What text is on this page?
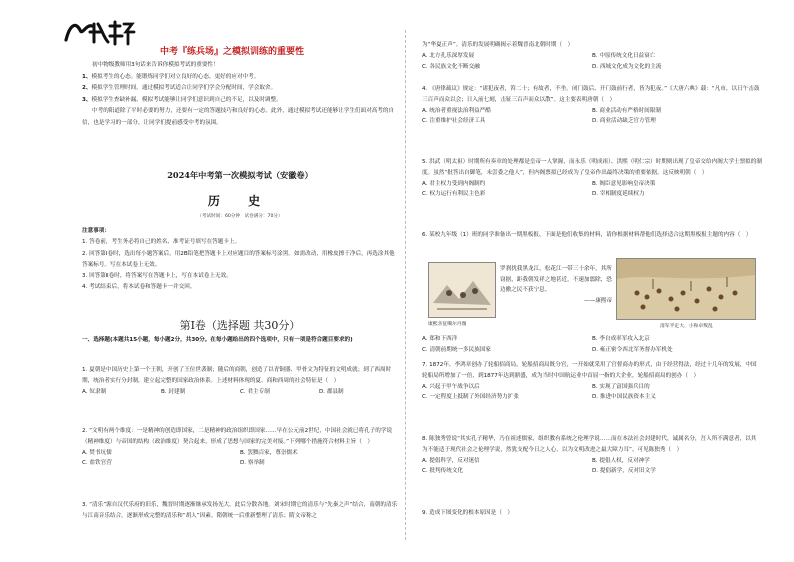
中考『练兵场』之模拟训练的重要性

初中物级教师用3句话来告诉你模拟考试的重要性！

1、模拟考生的心态。能锻炼同学们对立良好的心态，更好的应对中考。

2、模拟学生管理时间。通过模拟考试适合让同学们学会分配时间，学会取舍。

3、模拟学生查缺补漏。模拟考试能够让同学们意识到自己的不足，以及时调整。

中考的阳道除了平时必要的努力，还要有一定的答题技巧和良好的心态。此外，通过模拟考试还能够让学生们面对高考的自信，也是学习的一部分，让同学们提前感受中考的氛围。

2024年中考第一次模拟考试（安徽卷）
历 史
（考试时间：60分钟　试卷满分：70分）
注意事项：
1. 答卷前，考生务必将自己的姓名、准考证号填写在答题卡上。
2. 回答第Ⅰ卷时，选出每小题答案后，用2B铅笔把答题卡上对应题目的答案标号涂黑。如需改动，用橡皮擦干净后，再选涂其他答案标号。写在本试卷上无效。
3. 回答第Ⅱ卷时，将答案写在答题卡上，写在本试卷上无效。
4. 考试结束后，将本试卷和答题卡一并交回。
第Ⅰ卷（选择题 共30分）
一、选择题(本题共15小题，每小题2分，共30分。在每小题给出的四个选项中，只有一项是符合题目要求的)
1. 夏朝是中国历史上第一个王朝，开创了王位世袭制；随后的商朝，创造了以青铜器、甲骨文为特征的文明成就；到了西周时期，统治者实行分封制，建立起完整的国家政治体系。上述材料体现的夏、商和西周的社会特征是（　）
A. 奴隶制	B. 封建制	C. 君主专制	D. 郡县制
2. “文明有两个维度：一是精神的创造即国家，二是精神的政治组织即国家……早在公元前2世纪，中国社会就已将孔子的学说（精神维度）与帝国的结构（政治维度）契合起来，形成了思想与国家的完美对接。”下列哪个措施符合材料主旨（　）
A. 焚书坑儒	B. 罢黜百家，尊崇儒术
C. 盐铁官营	D. 察举制
3. “清乐”源自汉代乐府的旧乐，魏晋时期逐渐继承发扬光大，此后分散各地。刘宋时期它的清乐与“先秦之声”结合，南朝的清乐与江南音乐结合，逐渐形成完整的清乐和“胡人”因素。隋朝统一后重新整理了清乐；隋文帝称之
为“华夏正声”。清乐的发展明确揭示着魏晋南北朝时期（　）
A. 北方孔乐深厚发展	B. 中原传统文化日益衰亡
C. 各民族文化不断交融	D. 西域文化成为文化的主流
4. 《唐律疏议》规定：“诸犯夜者，笞二十；有故者，不坐。闭门鼓后、开门鼓前行者，皆为犯夜。”《大唐六典》载：“凡市，以日午击鼓三百声而众以会；日入前七刻，击钲三百声而众以散”。这主要表明唐朝（　）
A. 统治者重视法治利益严酷	B. 商业活动有严格时间限制
C. 注重维护社会经济工具	D. 商业活动缺乏官方管理
5. 洪武（明太祖）时期所有奏章的处理都是皇帝一人掌握，而永乐（明成祖）、洪熙（明仁宗）时期则出现了皇帝交给内阁大学士票拟的制度。虽然“批答出自御笔，未尝委之他人”，但内阁票拟已经成为了皇帝作出最终决策的重要依据。这反映明朝（　）
A. 君主权力受到内阁制约	B. 阁臣意见影响皇帝决策
C. 权力运行有利民主色彩	D. 宰相制度延续权力
6. 某校九年级（1）班的同学准备出一期黑板报，下面是他们收集的材料，请你根据材料帮他们选择适合这期黑板报主题的内容（　）
康熙亲征噶尔丹图
罗刹扰我黑龙江，松花江一带三十余年，其所窃据，距我朝发祥之地甚近，不速加翦除，恐边徼之民不获宁息。
——康熙帝
清军平定大、小和卓叛乱
A. 郑和下西洋	B. 李自成率军攻入北京
C. 清朝前期统一多民族国家	D. 雍正密令西北军务督办军机处
7. 1872年，李鸿章创办了轮船招商局，轮船招商局既分官，一开始就采用了官督商办的形式，由于经营得法，经过十几年的发展，中国轮船局所增加了一倍，到1877年达到鼎盛，成为当时中国航运业中首屈一指的大企业，轮船招商局的创办（　）
A. 兴起于甲午战争以后	B. 实现了富国强兵目的
C. 一定程度上抵制了外国经济势力扩张	D. 推进中国民族资本主义
8. 陈独秀曾说“其实孔子精华，乃在祖述儒家，组织教有系统之伦理学说……而在本法社会封建时代，诚属名分，吾人所不满意者，以其为不能适于现代社会之伦理学说，然犹支配今日之人心，以为文明改进之最大障力耳”。可见陈独秀（　）
A. 提倡科学，反对迷信	B. 提倡人权，反对神学
C. 批判传统文化	D. 提倡新学，反对旧文学
9. 造成下图变化的根本原因是（　）
